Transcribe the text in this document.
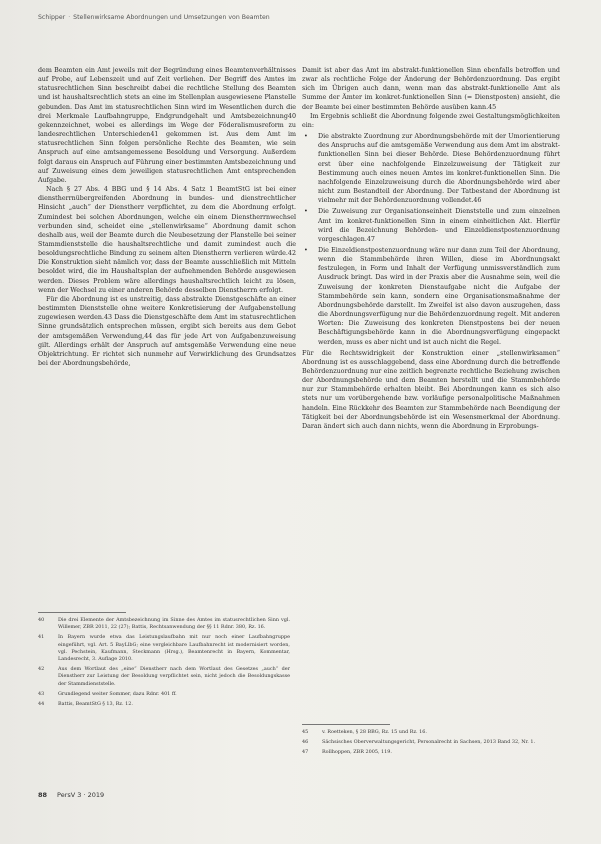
Schipper · Stellenwirksame Abordnungen und Umsetzungen von Beamten

dem Beamten ein Amt jeweils mit der Begründung eines Beamtenverhältnisses auf Probe, auf Lebenszeit und auf Zeit verliehen. Der Begriff des Amtes im statusrechtlichen Sinn beschreibt dabei die rechtliche Stellung des Beamten und ist haushaltsrechtlich stets an eine im Stellenplan ausgewiesene Planstelle gebunden. Das Amt im statusrechtlichen Sinn wird im Wesentlichen durch die drei Merkmale Laufbahngruppe, Endgrundgehalt und Amtsbezeichnung40 gekennzeichnet, wobei es allerdings im Wege der Föderalismusreform zu landesrechtlichen Unterschieden41 gekommen ist. Aus dem Amt im statusrechtlichen Sinn folgen persönliche Rechte des Beamten, wie sein Anspruch auf eine amtsangemessene Besoldung und Versorgung. Außerdem folgt daraus ein Anspruch auf Führung einer bestimmten Amtsbezeichnung und auf Zuweisung eines dem jeweiligen statusrechtlichen Amt entsprechenden Aufgabe.

Nach § 27 Abs. 4 BBG und § 14 Abs. 4 Satz 1 BeamtStG ist bei einer dienstherrnübergreifenden Abordnung in bundes- und dienstrechtlicher Hinsicht „auch“ der Dienstherr verpflichtet, zu dem die Abordnung erfolgt. Zumindest bei solchen Abordnungen, welche ein einem Dienstherrnwechsel verbunden sind, scheidet eine „stellenwirksame“ Abordnung damit schon deshalb aus, weil der Beamte durch die Neubesetzung der Planstelle bei seiner Stammdienststelle die haushaltsrechtliche und damit zumindest auch die besoldungsrechtliche Bindung zu seinem alten Dienstherrn verlieren würde.42 Die Konstruktion sieht nämlich vor, dass der Beamte ausschließlich mit Mitteln besoldet wird, die im Haushaltsplan der aufnehmenden Behörde ausgewiesen werden. Dieses Problem wäre allerdings haushaltsrechtlich leicht zu lösen, wenn der Wechsel zu einer anderen Behörde desselben Dienstherrn erfolgt.

Für die Abordnung ist es unstreitig, dass abstrakte Dienstgeschäfte an einer bestimmten Dienststelle ohne weitere Konkretisierung der Aufgabenstellung zugewiesen werden.43 Dass die Dienstgeschäfte dem Amt im statusrechtlichen Sinne grundsätzlich entsprechen müssen, ergibt sich bereits aus dem Gebot der amtsgemäßen Verwendung,44 das für jede Art von Aufgabenzuweisung gilt. Allerdings erhält der Anspruch auf amtsgemäße Verwendung eine neue Objektrichtung. Er richtet sich nunmehr auf Verwirklichung des Grundsatzes bei der Abordnungsbehörde,

40	Die drei Elemente der Amtsbezeichnung im Sinne des Amtes im statusrechtlichen Sinn vgl. Willemer, ZBR 2011, 22 (27); Battis, Rechtsanwendung der §§ 11 Rdnr. 380, Rz. 16.
41	In Bayern wurde etwa das Leistungslaufbahn mit nur noch einer Laufbahngruppe eingeführt, vgl. Art. 5 BayLlbG; eine vergleichbare Laufbahnrecht ist modernisiert worden, vgl. Pechstein, Kaufmann, Steckmann (Hrsg.), Beamtenrecht in Bayern, Kommentar, Landesrecht, 3. Auflage 2010.
42	Aus dem Wortlaut des „eine“ Dienstherr nach dem Wortlaut des Gesetzes „auch“ der Dienstherr zur Leistung der Besoldung verpflichtet sein, nicht jedoch die Besoldungskasse der Stammdienststelle.
43	Grundlegend weiter Sommer, dazu Rdnr. 401 ff.
44	Battis, BeamtStG § 13, Rz. 12.

Damit ist aber das Amt im abstrakt-funktionellen Sinn ebenfalls betroffen und zwar als rechtliche Folge der Änderung der Behördenzuordnung. Das ergibt sich im Übrigen auch dann, wenn man das abstrakt-funktionelle Amt als Summe der Ämter im konkret-funktionellen Sinn (= Dienstposten) ansieht, die der Beamte bei einer bestimmten Behörde ausüben kann.45

Im Ergebnis schließt die Abordnung folgende zwei Gestaltungsmöglichkeiten ein:

• Die abstrakte Zuordnung zur Abordnungsbehörde mit der Umorientierung des Anspruchs auf die amtsgemäße Verwendung aus dem Amt im abstrakt-funktionellen Sinn bei dieser Behörde. Diese Behördenzuordnung führt erst über eine nachfolgende Einzelzuweisung der Tätigkeit zur Bestimmung auch eines neuen Amtes im konkret-funktionellen Sinn. Die nachfolgende Einzelzuweisung durch die Abordnungsbehörde wird aber nicht zum Bestandteil der Abordnung. Der Tatbestand der Abordnung ist vielmehr mit der Behördenzuordnung vollendet.46
• Die Zuweisung zur Organisationseinheit Dienststelle und zum einzelnen Amt im konkret-funktionellen Sinn in einem einheitlichen Akt. Hierfür wird die Bezeichnung Behörden- und Einzeldienstpostenzuordnung vorgeschlagen.47
• Die Einzeldienstpostenzuordnung wäre nur dann zum Teil der Abordnung, wenn die Stammbehörde ihren Willen, diese im Abordnungsakt festzulegen, in Form und Inhalt der Verfügung unmissverständlich zum Ausdruck bringt. Das wird in der Praxis aber die Ausnahme sein, weil die Zuweisung der konkreten Dienstaufgabe nicht die Aufgabe der Stammbehörde sein kann, sondern eine Organisationsmaßnahme der Abordnungsbehörde darstellt. Im Zweifel ist also davon auszugehen, dass die Abordnungsverfügung nur die Behördenzuordnung regelt. Mit anderen Worten: Die Zuweisung des konkreten Dienstpostens bei der neuen Beschäftigungsbehörde kann in die Abordnungsverfügung eingepackt werden, muss es aber nicht und ist auch nicht die Regel.

Für die Rechtswidrigkeit der Konstruktion einer „stellenwirksamen“ Abordnung ist es ausschlaggebend, dass eine Abordnung durch die betreffende Behördenzuordnung nur eine zeitlich begrenzte rechtliche Beziehung zwischen der Abordnungsbehörde und dem Beamten herstellt und die Stammbehörde nur zur Stammbehörde erhalten bleibt. Bei Abordnungen kann es sich also stets nur um vorübergehende bzw. vorläufige personalpolitische Maßnahmen handeln. Eine Rückkehr des Beamten zur Stammbehörde nach Beendigung der Tätigkeit bei der Abordnungsbehörde ist ein Wesensmerkmal der Abordnung. Daran ändert sich auch dann nichts, wenn die Abordnung in Erprobungs-

45	v. Roetteken, § 28 BBG, Rz. 15 und Rz. 16.
46	Sächsisches Oberverwaltungsgericht, Personalrecht in Sachsen, 2013 Band 32, Nr. 1.
47	Rollhoppen, ZBR 2005, 119.
88 PersV 3 · 2019
